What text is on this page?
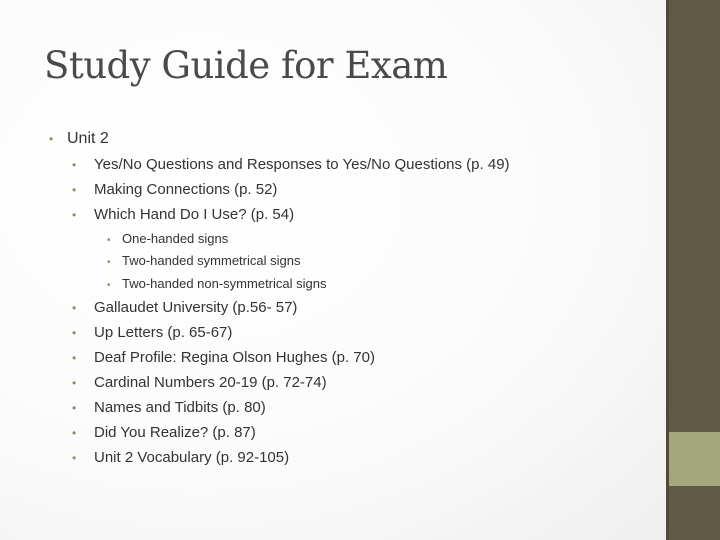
Study Guide for Exam
• Unit 2
• Yes/No Questions and Responses to Yes/No Questions (p. 49)
• Making Connections (p. 52)
• Which Hand Do I Use? (p. 54)
• One-handed signs
• Two-handed symmetrical signs
• Two-handed non-symmetrical signs
• Gallaudet University (p.56- 57)
• Up Letters (p. 65-67)
• Deaf Profile: Regina Olson Hughes (p. 70)
• Cardinal Numbers 20-19 (p. 72-74)
• Names and Tidbits (p. 80)
• Did You Realize? (p. 87)
• Unit 2 Vocabulary (p. 92-105)
